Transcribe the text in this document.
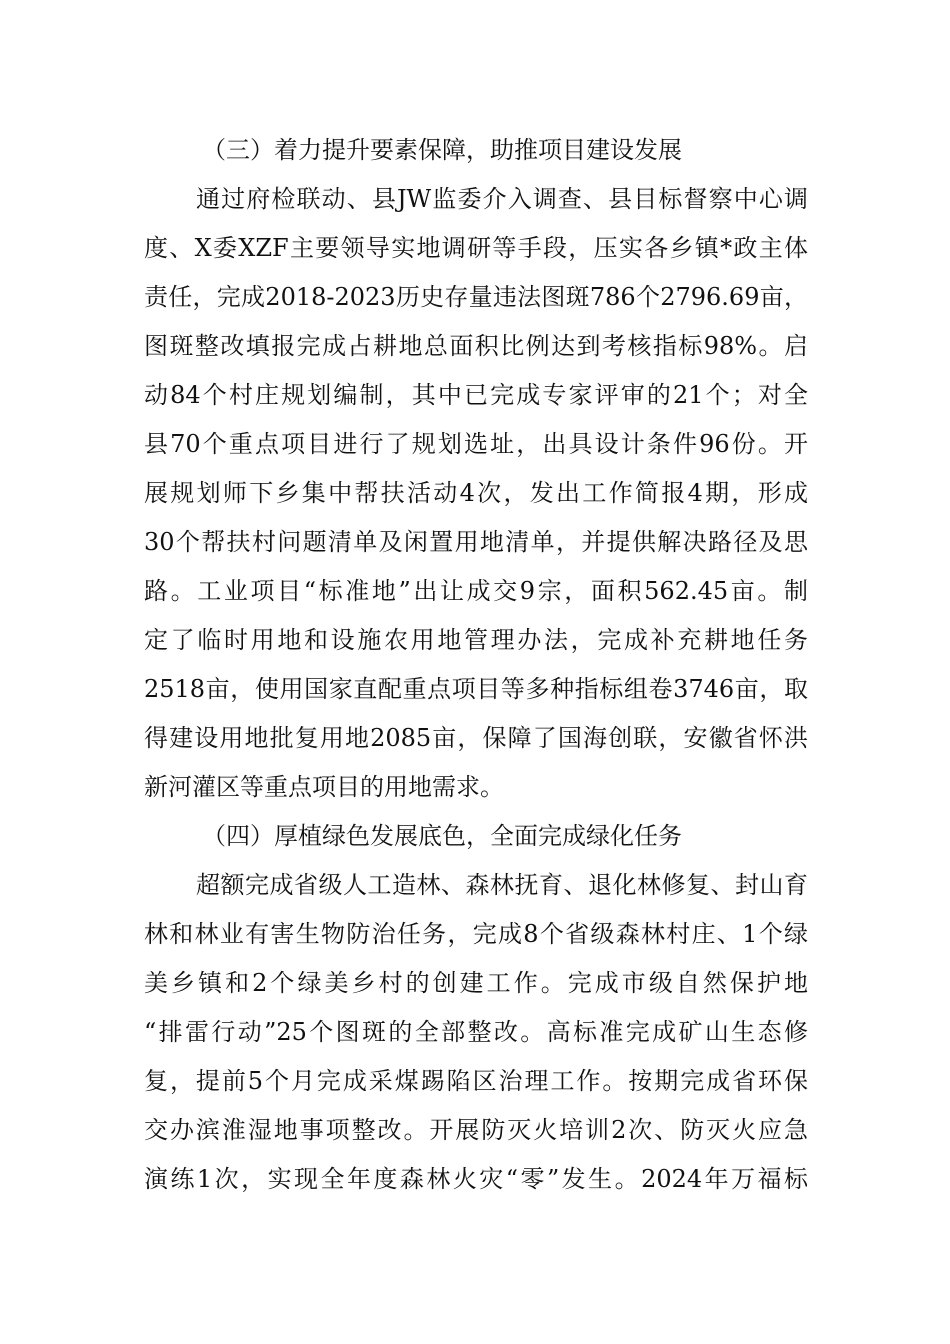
（三）着力提升要素保障，助推项目建设发展

通过府检联动、县JW监委介入调查、县目标督察中心调

度、X委XZF主要领导实地调研等手段，压实各乡镇*政主体

责任，完成2018-2023历史存量违法图斑786个2796.69亩，

图斑整改填报完成占耕地总面积比例达到考核指标98%。启

动84个村庄规划编制，其中已完成专家评审的21个；对全

县70个重点项目进行了规划选址，出具设计条件96份。开

展规划师下乡集中帮扶活动4次，发出工作简报4期，形成

30个帮扶村问题清单及闲置用地清单，并提供解决路径及思

路。工业项目“标准地”出让成交9宗，面积562.45亩。制

定了临时用地和设施农用地管理办法，完成补充耕地任务

2518亩，使用国家直配重点项目等多种指标组卷3746亩，取

得建设用地批复用地2085亩，保障了国海创联，安徽省怀洪

新河灌区等重点项目的用地需求。

（四）厚植绿色发展底色，全面完成绿化任务

超额完成省级人工造林、森林抚育、退化林修复、封山育

林和林业有害生物防治任务，完成8个省级森林村庄、1个绿

美乡镇和2个绿美乡村的创建工作。完成市级自然保护地

“排雷行动”25个图斑的全部整改。高标准完成矿山生态修

复，提前5个月完成采煤踢陷区治理工作。按期完成省环保

交办滨淮湿地事项整改。开展防灭火培训2次、防灭火应急

演练1次，实现全年度森林火灾“零”发生。2024年万福标
